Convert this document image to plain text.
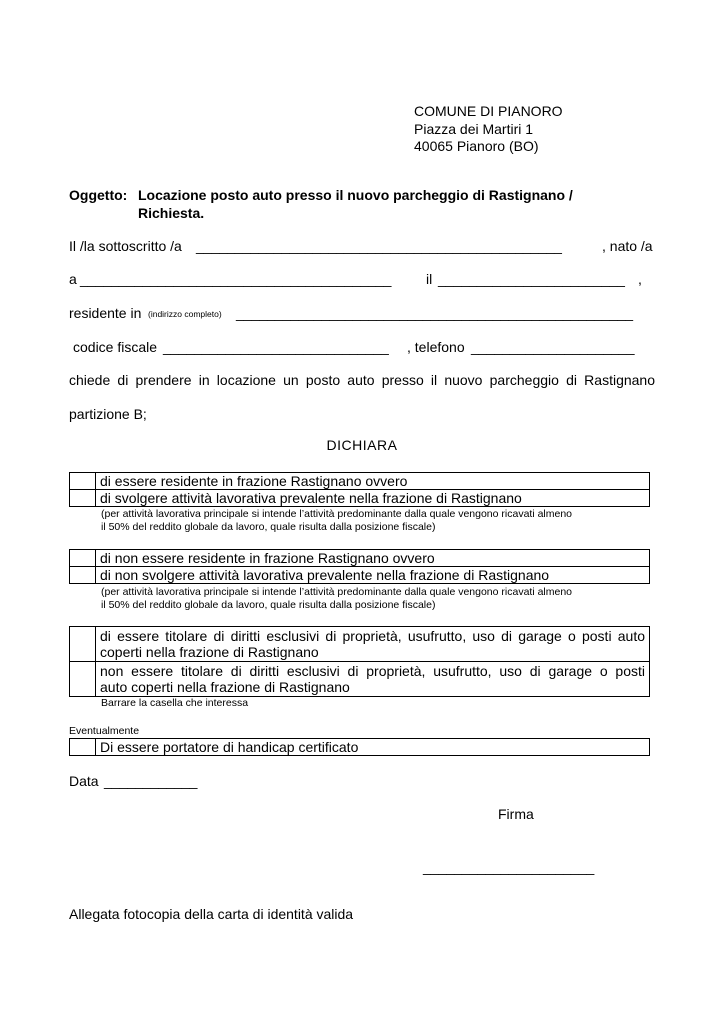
COMUNE DI PIANORO
Piazza dei Martiri 1
40065 Pianoro (BO)
Oggetto: Locazione posto auto presso il nuovo parcheggio di Rastignano /
Richiesta.
Il /la sottoscritto /a _______________________________________________	, nato /a
a ________________________________________ il ________________________ ,
residente in (indirizzo completo) ___________________________________________________
codice fiscale _____________________________ , telefono _____________________
chiede di prendere in locazione un posto auto presso il nuovo parcheggio di Rastignano
partizione B;
DICHIARA
	di essere residente in frazione Rastignano ovvero
	di svolgere attività lavorativa prevalente nella frazione di Rastignano
(per attività lavorativa principale si intende l’attività predominante dalla quale vengono ricavati almeno
il 50% del reddito globale da lavoro, quale risulta dalla posizione fiscale)
	di non essere residente in frazione Rastignano ovvero
	di non svolgere attività lavorativa prevalente nella frazione di Rastignano
(per attività lavorativa principale si intende l’attività predominante dalla quale vengono ricavati almeno
il 50% del reddito globale da lavoro, quale risulta dalla posizione fiscale)

	di essere titolare di diritti esclusivi di proprietà, usufrutto, uso di garage o posti auto
coperti nella frazione di Rastignano

	non essere titolare di diritti esclusivi di proprietà, usufrutto, uso di garage o posti
auto coperti nella frazione di Rastignano
Barrare la casella che interessa
Eventualmente
	Di essere portatore di handicap certificato
Data ____________
Firma
______________________
Allegata fotocopia della carta di identità valida
